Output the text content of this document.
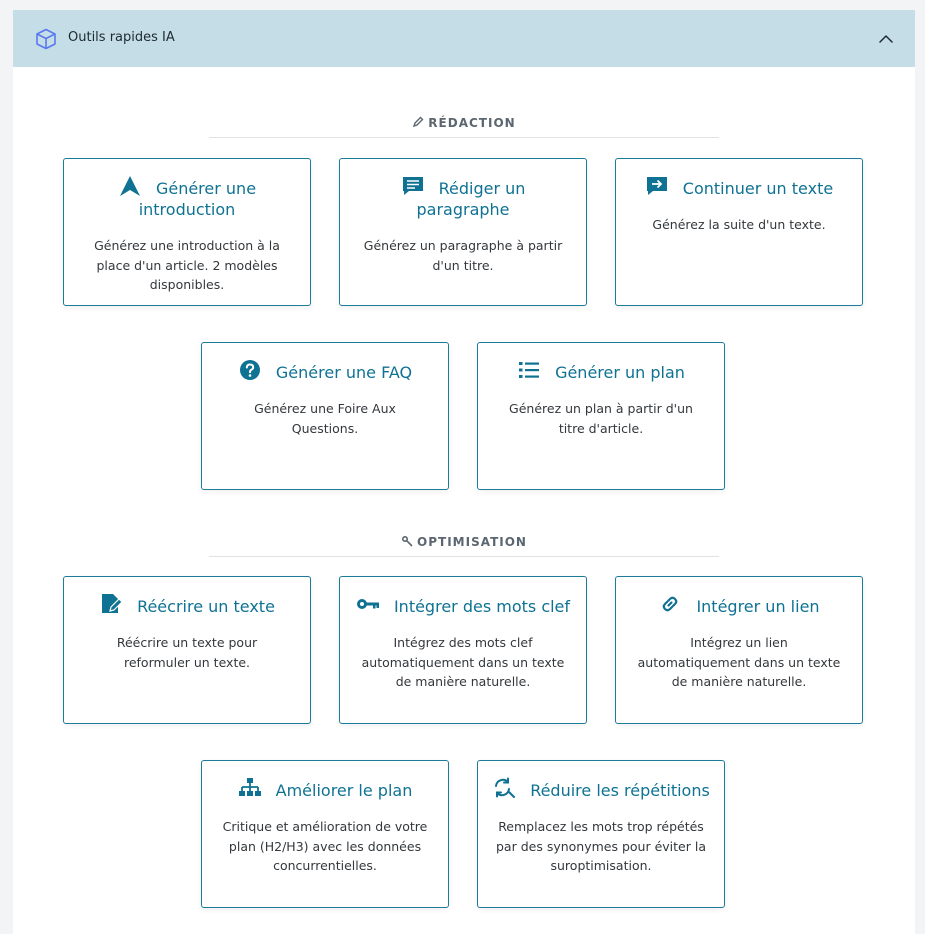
Outils rapides IA
RÉDACTION
Générer une introduction
Générez une introduction à la place d'un article. 2 modèles disponibles.
Rédiger un paragraphe
Générez un paragraphe à partir d'un titre.
Continuer un texte
Générez la suite d'un texte.
Générer une FAQ
Générez une Foire Aux Questions.
Générer un plan
Générez un plan à partir d'un titre d'article.
OPTIMISATION
Réécrire un texte
Réécrire un texte pour reformuler un texte.
Intégrer des mots clef
Intégrez des mots clef automatiquement dans un texte de manière naturelle.
Intégrer un lien
Intégrez un lien automatiquement dans un texte de manière naturelle.
Améliorer le plan
Critique et amélioration de votre plan (H2/H3) avec les données concurrentielles.
Réduire les répétitions
Remplacez les mots trop répétés par des synonymes pour éviter la suroptimisation.
